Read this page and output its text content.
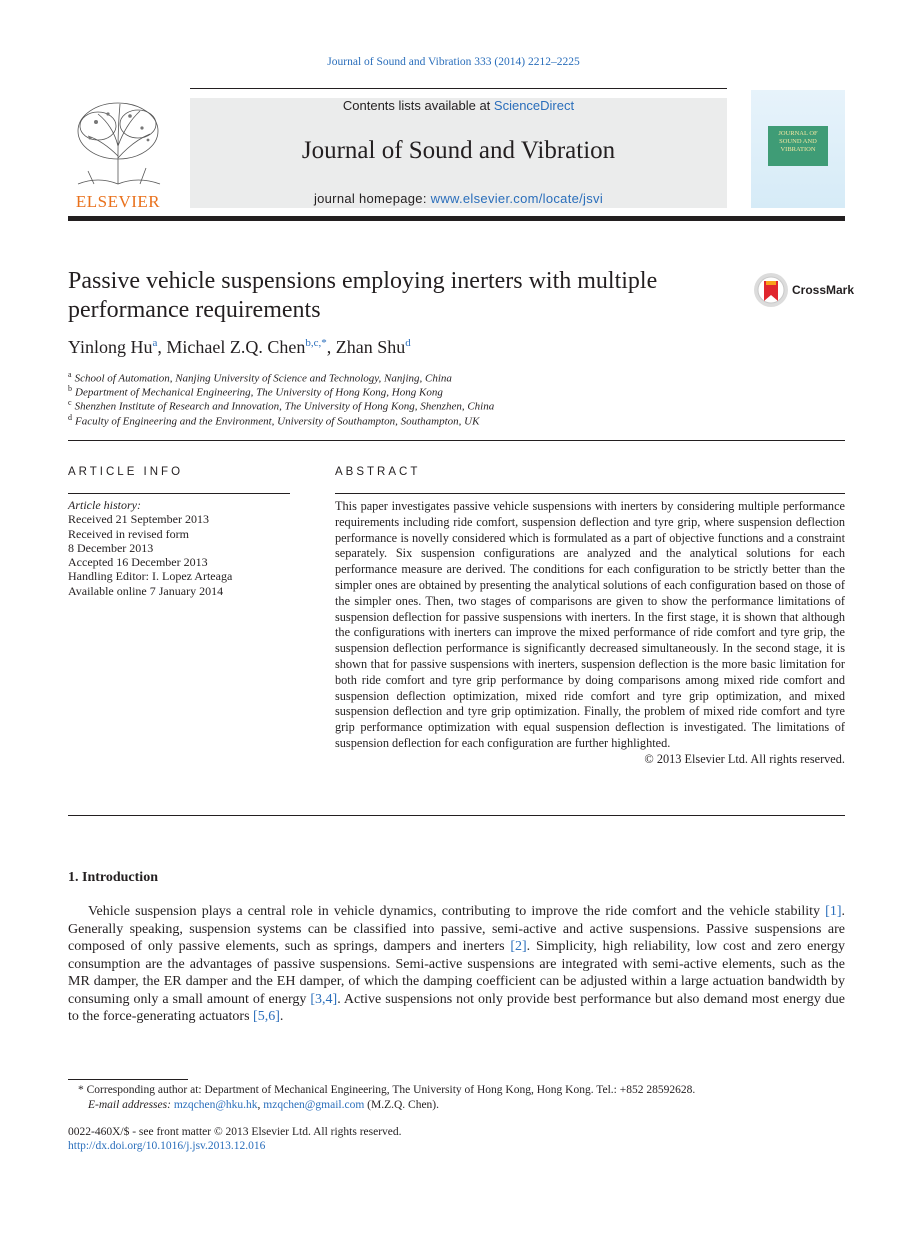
Journal of Sound and Vibration 333 (2014) 2212–2225
ELSEVIER
Contents lists available at ScienceDirect
Journal of Sound and Vibration
journal homepage: www.elsevier.com/locate/jsvi
JOURNAL OF SOUND AND VIBRATION
Passive vehicle suspensions employing inerters with multiple performance requirements
CrossMark
Yinlong Hu$^a$, Michael Z.Q. Chen$^{b,c,*}$, Zhan Shu$^d$
$^a$ School of Automation, Nanjing University of Science and Technology, Nanjing, China
$^b$ Department of Mechanical Engineering, The University of Hong Kong, Hong Kong
$^c$ Shenzhen Institute of Research and Innovation, The University of Hong Kong, Shenzhen, China
$^d$ Faculty of Engineering and the Environment, University of Southampton, Southampton, UK
ARTICLE INFO
Article history:
Received 21 September 2013
Received in revised form
8 December 2013
Accepted 16 December 2013
Handling Editor: I. Lopez Arteaga
Available online 7 January 2014
ABSTRACT
This paper investigates passive vehicle suspensions with inerters by considering multiple performance requirements including ride comfort, suspension deflection and tyre grip, where suspension deflection performance is novelly considered which is formulated as a part of objective functions and a constraint separately. Six suspension configurations are analyzed and the analytical solutions for each performance measure are derived. The conditions for each configuration to be strictly better than the simpler ones are obtained by presenting the analytical solutions of each configuration based on those of the simpler ones. Then, two stages of comparisons are given to show the performance limitations of suspension deflection for passive suspensions with inerters. In the first stage, it is shown that although the configurations with inerters can improve the mixed performance of ride comfort and tyre grip, the suspension deflection performance is significantly decreased simultaneously. In the second stage, it is shown that for passive suspensions with inerters, suspension deflection is the more basic limitation for both ride comfort and tyre grip performance by doing comparisons among mixed ride comfort and suspension deflection optimization, mixed ride comfort and tyre grip optimization, and mixed suspension deflection and tyre grip optimization. Finally, the problem of mixed ride comfort and tyre grip performance optimization with equal suspension deflection is investigated. The limitations of suspension deflection for each configuration are further highlighted.
© 2013 Elsevier Ltd. All rights reserved.
1. Introduction
Vehicle suspension plays a central role in vehicle dynamics, contributing to improve the ride comfort and the vehicle stability [1]. Generally speaking, suspension systems can be classified into passive, semi-active and active suspensions. Passive suspensions are composed of only passive elements, such as springs, dampers and inerters [2]. Simplicity, high reliability, low cost and zero energy consumption are the advantages of passive suspensions. Semi-active suspensions are integrated with semi-active elements, such as the MR damper, the ER damper and the EH damper, of which the damping coefficient can be adjusted within a large actuation bandwidth by consuming only a small amount of energy [3,4]. Active suspensions not only provide best performance but also demand most energy due to the force-generating actuators [5,6].
* Corresponding author at: Department of Mechanical Engineering, The University of Hong Kong, Hong Kong. Tel.: +852 28592628.
E-mail addresses: mzqchen@hku.hk, mzqchen@gmail.com (M.Z.Q. Chen).
0022-460X/$ - see front matter © 2013 Elsevier Ltd. All rights reserved.
http://dx.doi.org/10.1016/j.jsv.2013.12.016
